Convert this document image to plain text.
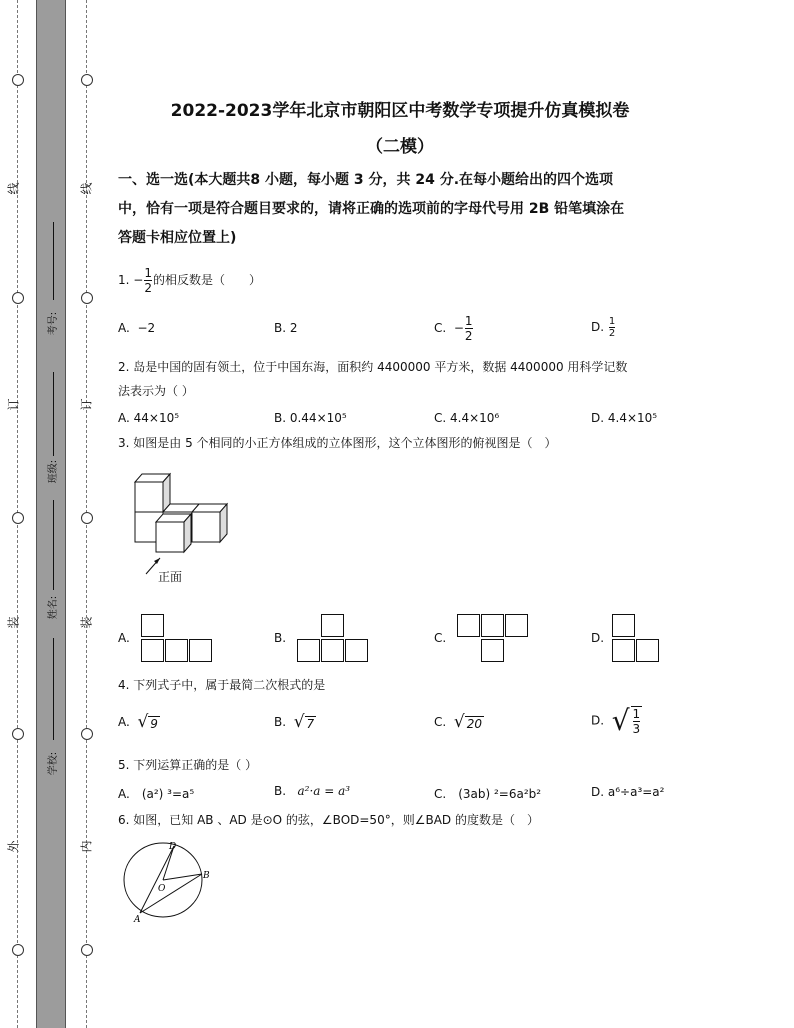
线
订
装
外
线
订
装
内
考号:
班级:
姓名:
学校:
2022-2023学年北京市朝阳区中考数学专项提升仿真模拟卷
（二模）
一、选一选(本大题共8 小题，每小题 3 分，共 24 分.在每小题给出的四个选项
中，恰有一项是符合题目要求的，请将正确的选项前的字母代号用 2B 铅笔填涂在
答题卡相应位置上)
1. − $\frac{1}{2}$ 的相反数是（　　）
A. −2	B. 2	C. − $\frac{1}{2}$	D. $\frac{1}{2}$
2. 岛是中国的固有领土，位于中国东海，面积约 4400000 平方米，数据 4400000 用科学记数
法表示为（ ）
A. 44×10⁵	B. 0.44×10⁵	C. 4.4×10⁶	D. 4.4×10⁵
3. 如图是由 5 个相同的小正方体组成的立体图形，这个立体图形的俯视图是（　）
正面
A.	B.	C.	D.
4. 下列式子中，属于最简二次根式的是
A. √ 9	B. √ 7	C. √ 20	D. √ $\frac{1}{3}$
5. 下列运算正确的是（ ）
A.　(a²) ³=a⁵	B. a²·a = a³	C.　(3ab) ²=6a²b²	D. a⁶÷a³=a²
6. 如图，已知 AB 、AD 是⊙O 的弦，∠BOD=50°，则∠BAD 的度数是（　）
D
B
O
A
